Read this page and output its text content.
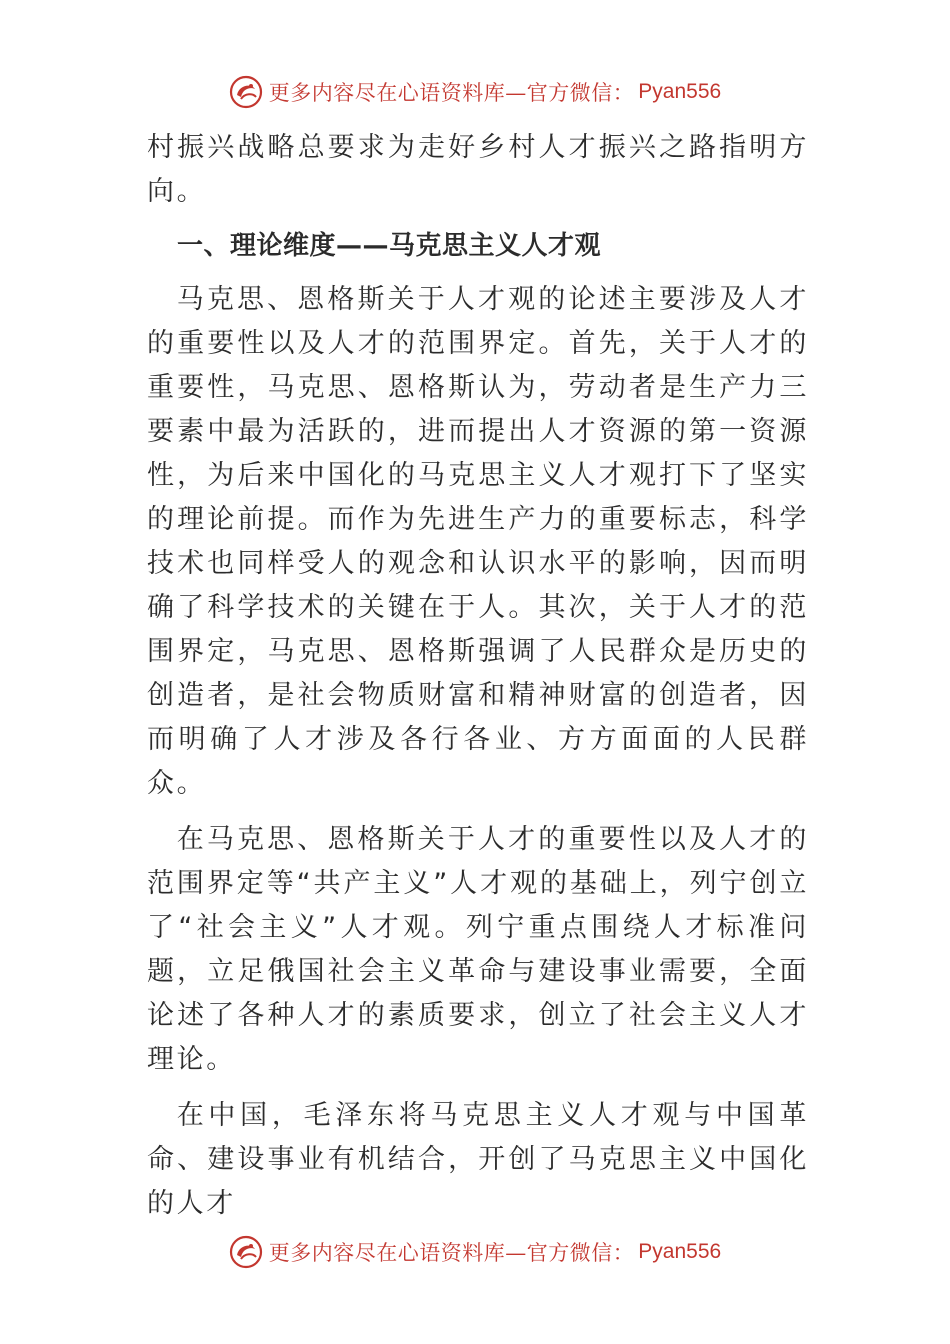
更多内容尽在心语资料库—官方微信： Pyan556

村振兴战略总要求为走好乡村人才振兴之路指明方向。

一、理论维度——马克思主义人才观

马克思、恩格斯关于人才观的论述主要涉及人才的重要性以及人才的范围界定。首先，关于人才的重要性，马克思、恩格斯认为，劳动者是生产力三要素中最为活跃的，进而提出人才资源的第一资源性，为后来中国化的马克思主义人才观打下了坚实的理论前提。而作为先进生产力的重要标志，科学技术也同样受人的观念和认识水平的影响，因而明确了科学技术的关键在于人。其次，关于人才的范围界定，马克思、恩格斯强调了人民群众是历史的创造者，是社会物质财富和精神财富的创造者，因而明确了人才涉及各行各业、方方面面的人民群众。

在马克思、恩格斯关于人才的重要性以及人才的范围界定等“共产主义”人才观的基础上，列宁创立了“社会主义”人才观。列宁重点围绕人才标准问题，立足俄国社会主义革命与建设事业需要，全面论述了各种人才的素质要求，创立了社会主义人才理论。

在中国，毛泽东将马克思主义人才观与中国革命、建设事业有机结合，开创了马克思主义中国化的人才

更多内容尽在心语资料库—官方微信： Pyan556
